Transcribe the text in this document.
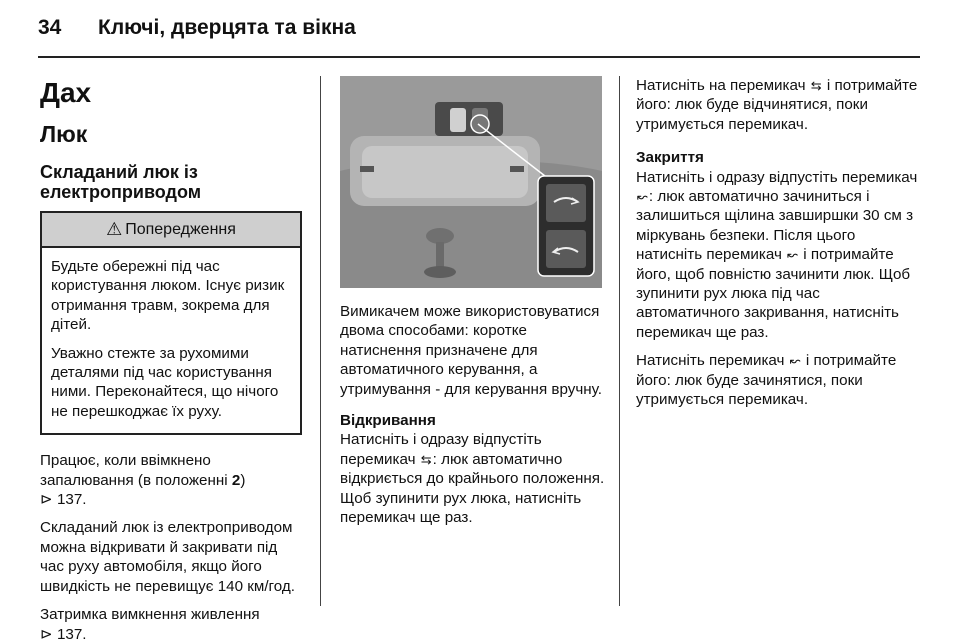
34 Ключі, дверцята та вікна
Дах
Люк
Складаний люк із електроприводом
⚠ Попередження
Будьте обережні під час користування люком. Існує ризик отримання травм, зокрема для дітей.
Уважно стежте за рухомими деталями під час користування ними. Переконайтеся, що нічого не перешкоджає їх руху.
Працює, коли ввімкнено запалювання (в положенні 2)
⊳ 137.
Складаний люк із електроприводом можна відкривати й закривати під час руху автомобіля, якщо його швидкість не перевищує 140 км/год.
Затримка вимкнення живлення
⊳ 137.
Вимикачем може використовуватися двома способами: коротке натиснення призначене для автоматичного керування, а утримування - для керування вручну.
Відкривання
Натисніть і одразу відпустіть перемикач ⇆: люк автоматично відкриється до крайнього положення. Щоб зупинити рух люка, натисніть перемикач ще раз.
Натисніть на перемикач ⇆ і потримайте його: люк буде відчинятися, поки утримується перемикач.
Закриття
Натисніть і одразу відпустіть перемикач ↜: люк автоматично зачиниться і залишиться щілина завширшки 30 см з міркувань безпеки. Після цього натисніть перемикач ↜ і потримайте його, щоб повністю зачинити люк. Щоб зупинити рух люка під час автоматичного закривання, натисніть перемикач ще раз.
Натисніть перемикач ↜ і потримайте його: люк буде зачинятися, поки утримується перемикач.
